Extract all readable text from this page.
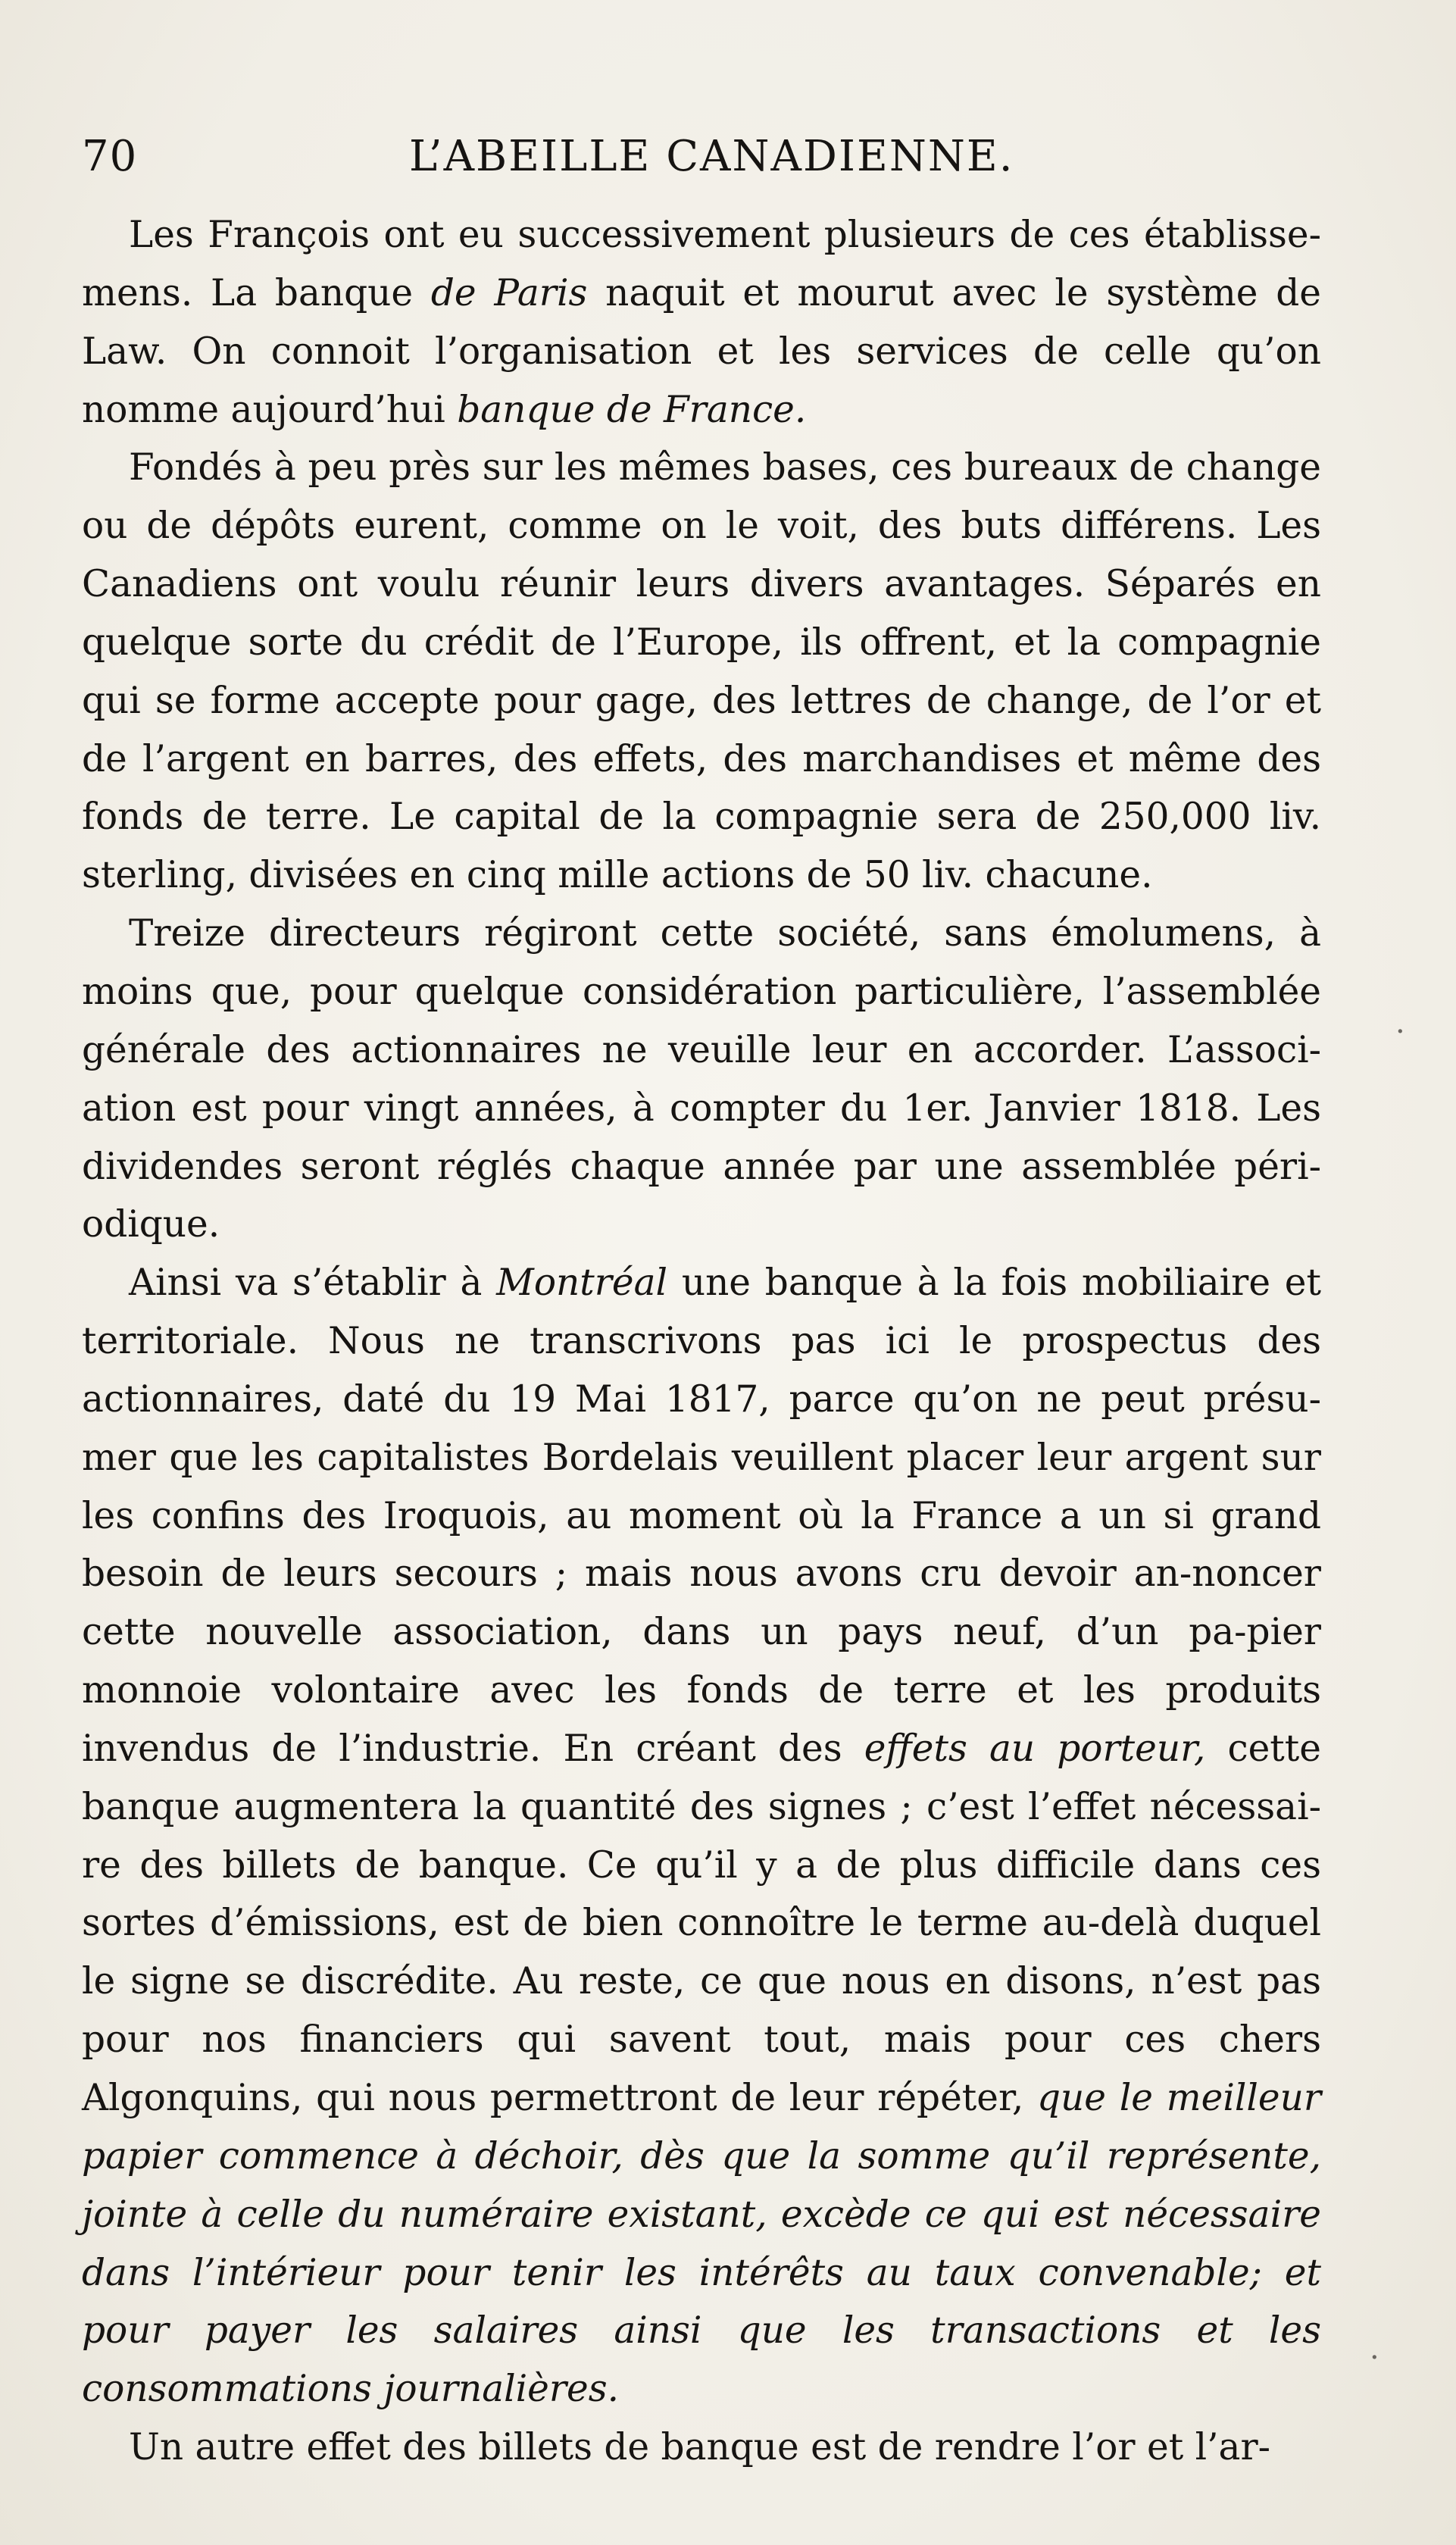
70	L’ABEILLE CANADIENNE.

Les François ont eu successivement plusieurs de ces établisse-mens. La banque de Paris naquit et mourut avec le système de Law. On connoit l’organisation et les services de celle qu’on nomme aujourd’hui banque de France.

Fondés à peu près sur les mêmes bases, ces bureaux de change ou de dépôts eurent, comme on le voit, des buts différens. Les Canadiens ont voulu réunir leurs divers avantages. Séparés en quelque sorte du crédit de l’Europe, ils offrent, et la compagnie qui se forme accepte pour gage, des lettres de change, de l’or et de l’argent en barres, des effets, des marchandises et même des fonds de terre. Le capital de la compagnie sera de 250,000 liv. sterling, divisées en cinq mille actions de 50 liv. chacune.

Treize directeurs régiront cette société, sans émolumens, à moins que, pour quelque considération particulière, l’assemblée générale des actionnaires ne veuille leur en accorder. L’associ-ation est pour vingt années, à compter du 1er. Janvier 1818. Les dividendes seront réglés chaque année par une assemblée péri-odique.

Ainsi va s’établir à Montréal une banque à la fois mobiliaire et territoriale. Nous ne transcrivons pas ici le prospectus des actionnaires, daté du 19 Mai 1817, parce qu’on ne peut présu-mer que les capitalistes Bordelais veuillent placer leur argent sur les confins des Iroquois, au moment où la France a un si grand besoin de leurs secours ; mais nous avons cru devoir an-noncer cette nouvelle association, dans un pays neuf, d’un pa-pier monnoie volontaire avec les fonds de terre et les produits invendus de l’industrie. En créant des effets au porteur, cette banque augmentera la quantité des signes ; c’est l’effet nécessai-re des billets de banque. Ce qu’il y a de plus difficile dans ces sortes d’émissions, est de bien connoître le terme au-delà duquel le signe se discrédite. Au reste, ce que nous en disons, n’est pas pour nos financiers qui savent tout, mais pour ces chers Algonquins, qui nous permettront de leur répéter, que le meilleur papier commence à déchoir, dès que la somme qu’il représente, jointe à celle du numéraire existant, excède ce qui est nécessaire dans l’intérieur pour tenir les intérêts au taux convenable; et pour payer les salaires ainsi que les transactions et les consommations journalières.

Un autre effet des billets de banque est de rendre l’or et l’ar-

·
·
